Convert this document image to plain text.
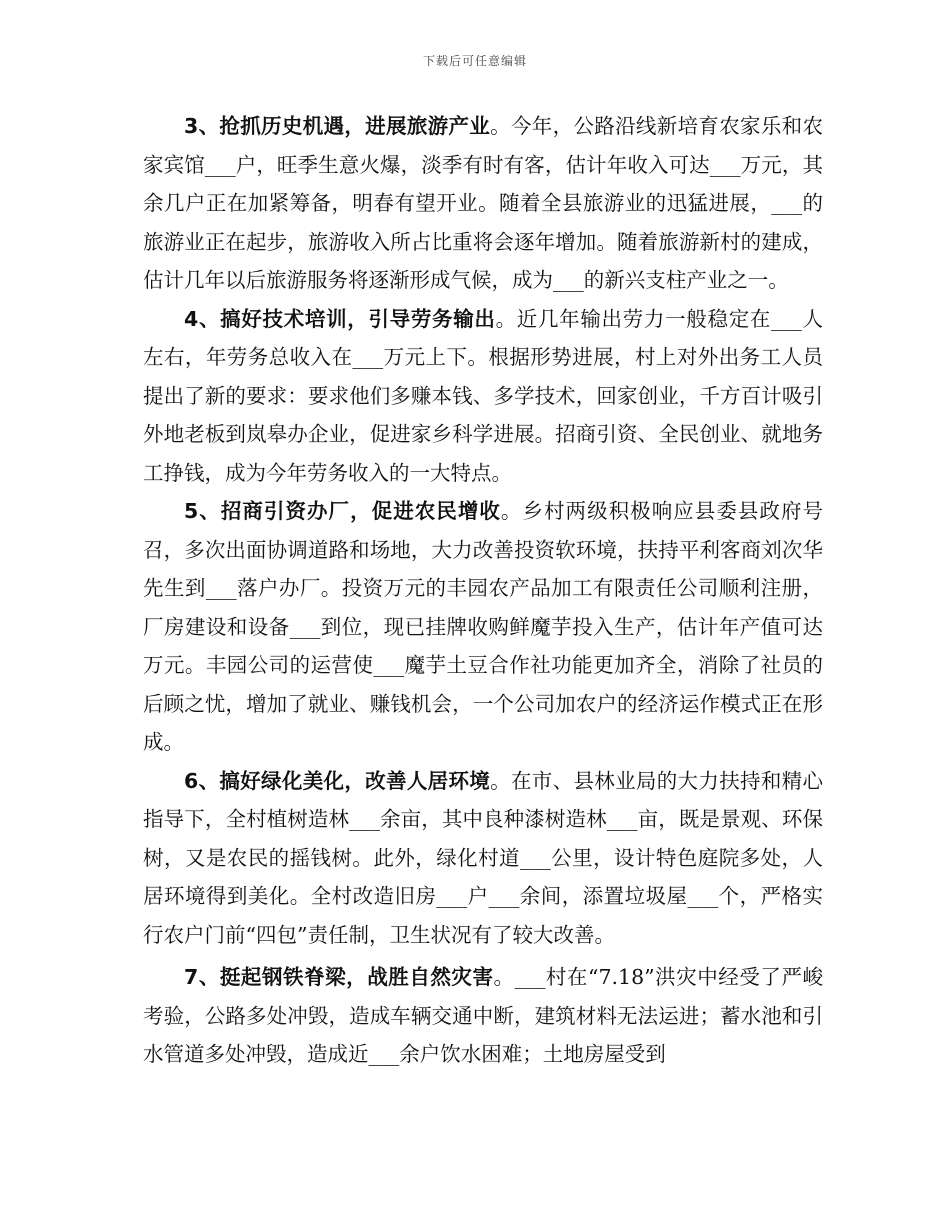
下载后可任意编辑

3、抢抓历史机遇，进展旅游产业。今年，公路沿线新培育农家乐和农家宾馆___户，旺季生意火爆，淡季有时有客，估计年收入可达___万元，其余几户正在加紧筹备，明春有望开业。随着全县旅游业的迅猛进展，___的旅游业正在起步，旅游收入所占比重将会逐年增加。随着旅游新村的建成，估计几年以后旅游服务将逐渐形成气候，成为___的新兴支柱产业之一。

4、搞好技术培训，引导劳务输出。近几年输出劳力一般稳定在___人左右，年劳务总收入在___万元上下。根据形势进展，村上对外出务工人员提出了新的要求：要求他们多赚本钱、多学技术，回家创业，千方百计吸引外地老板到岚皋办企业，促进家乡科学进展。招商引资、全民创业、就地务工挣钱，成为今年劳务收入的一大特点。

5、招商引资办厂，促进农民增收。乡村两级积极响应县委县政府号召，多次出面协调道路和场地，大力改善投资软环境，扶持平利客商刘次华先生到___落户办厂。投资万元的丰园农产品加工有限责任公司顺利注册，厂房建设和设备___到位，现已挂牌收购鲜魔芋投入生产，估计年产值可达万元。丰园公司的运营使___魔芋土豆合作社功能更加齐全，消除了社员的后顾之忧，增加了就业、赚钱机会，一个公司加农户的经济运作模式正在形成。

6、搞好绿化美化，改善人居环境。在市、县林业局的大力扶持和精心指导下，全村植树造林___余亩，其中良种漆树造林___亩，既是景观、环保树，又是农民的摇钱树。此外，绿化村道___公里，设计特色庭院多处，人居环境得到美化。全村改造旧房___户___余间，添置垃圾屋___个，严格实行农户门前“四包”责任制，卫生状况有了较大改善。

7、挺起钢铁脊梁，战胜自然灾害。___村在“7.18”洪灾中经受了严峻考验，公路多处冲毁，造成车辆交通中断，建筑材料无法运进；蓄水池和引水管道多处冲毁，造成近___余户饮水困难；土地房屋受到
